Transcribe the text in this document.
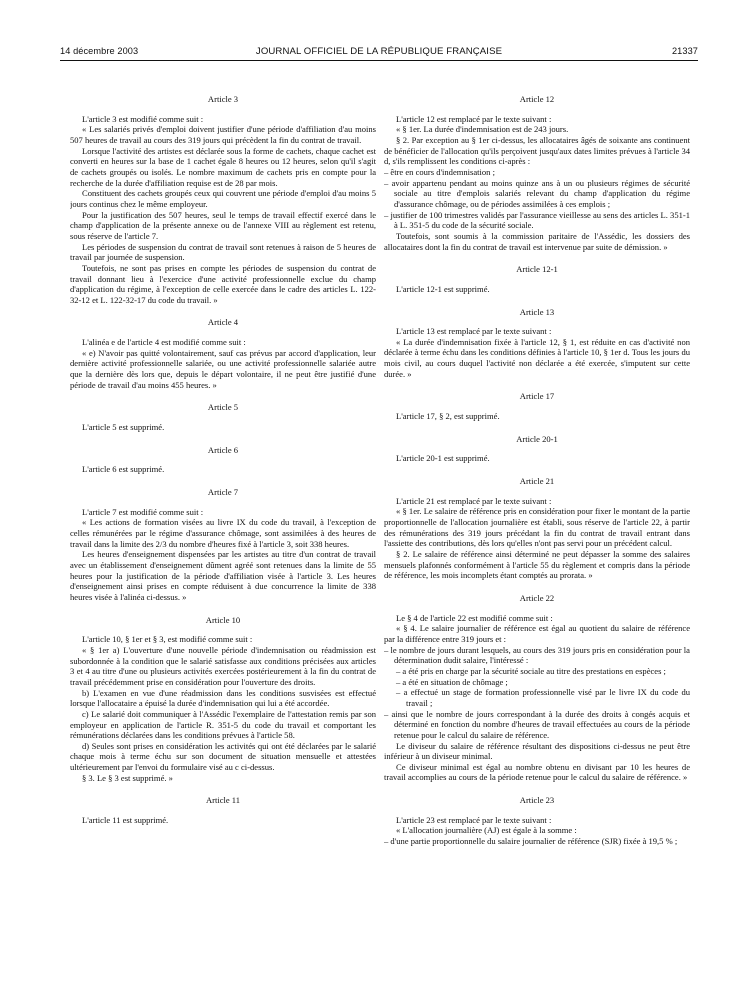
14 décembre 2003	JOURNAL OFFICIEL DE LA RÉPUBLIQUE FRANÇAISE	21337
Article 3

L'article 3 est modifié comme suit :

« Les salariés privés d'emploi doivent justifier d'une période d'affiliation d'au moins 507 heures de travail au cours des 319 jours qui précèdent la fin du contrat de travail.

Lorsque l'activité des artistes est déclarée sous la forme de cachets, chaque cachet est converti en heures sur la base de 1 cachet égale 8 heures ou 12 heures, selon qu'il s'agit de cachets groupés ou isolés. Le nombre maximum de cachets pris en compte pour la recherche de la durée d'affiliation requise est de 28 par mois.

Constituent des cachets groupés ceux qui couvrent une période d'emploi d'au moins 5 jours continus chez le même employeur.

Pour la justification des 507 heures, seul le temps de travail effectif exercé dans le champ d'application de la présente annexe ou de l'annexe VIII au règlement est retenu, sous réserve de l'article 7.

Les périodes de suspension du contrat de travail sont retenues à raison de 5 heures de travail par journée de suspension.

Toutefois, ne sont pas prises en compte les périodes de suspension du contrat de travail donnant lieu à l'exercice d'une activité professionnelle exclue du champ d'application du régime, à l'exception de celle exercée dans le cadre des articles L. 122-32-12 et L. 122-32-17 du code du travail. »

Article 4

L'alinéa e de l'article 4 est modifié comme suit :

« e) N'avoir pas quitté volontairement, sauf cas prévus par accord d'application, leur dernière activité professionnelle salariée, ou une activité professionnelle salariée autre que la dernière dès lors que, depuis le départ volontaire, il ne peut être justifié d'une période de travail d'au moins 455 heures. »

Article 5

L'article 5 est supprimé.

Article 6

L'article 6 est supprimé.

Article 7

L'article 7 est modifié comme suit :

« Les actions de formation visées au livre IX du code du travail, à l'exception de celles rémunérées par le régime d'assurance chômage, sont assimilées à des heures de travail dans la limite des 2/3 du nombre d'heures fixé à l'article 3, soit 338 heures.

Les heures d'enseignement dispensées par les artistes au titre d'un contrat de travail avec un établissement d'enseignement dûment agréé sont retenues dans la limite de 55 heures pour la justification de la période d'affiliation visée à l'article 3. Les heures d'enseignement ainsi prises en compte réduisent à due concurrence la limite de 338 heures visée à l'alinéa ci-dessus. »

Article 10

L'article 10, § 1er et § 3, est modifié comme suit :

« § 1er a) L'ouverture d'une nouvelle période d'indemnisation ou réadmission est subordonnée à la condition que le salarié satisfasse aux conditions précisées aux articles 3 et 4 au titre d'une ou plusieurs activités exercées postérieurement à la fin du contrat de travail précédemment prise en considération pour l'ouverture des droits.

b) L'examen en vue d'une réadmission dans les conditions susvisées est effectué lorsque l'allocataire a épuisé la durée d'indemnisation qui lui a été accordée.

c) Le salarié doit communiquer à l'Assédic l'exemplaire de l'attestation remis par son employeur en application de l'article R. 351-5 du code du travail et comportant les rémunérations déclarées dans les conditions prévues à l'article 58.

d) Seules sont prises en considération les activités qui ont été déclarées par le salarié chaque mois à terme échu sur son document de situation mensuelle et attestées ultérieurement par l'envoi du formulaire visé au c ci-dessus.

§ 3. Le § 3 est supprimé. »

Article 11

L'article 11 est supprimé.

Article 12

L'article 12 est remplacé par le texte suivant :

« § 1er. La durée d'indemnisation est de 243 jours.

§ 2. Par exception au § 1er ci-dessus, les allocataires âgés de soixante ans continuent de bénéficier de l'allocation qu'ils perçoivent jusqu'aux dates limites prévues à l'article 34 d, s'ils remplissent les conditions ci-après :

– être en cours d'indemnisation ;
– avoir appartenu pendant au moins quinze ans à un ou plusieurs régimes de sécurité sociale au titre d'emplois salariés relevant du champ d'application du régime d'assurance chômage, ou de périodes assimilées à ces emplois ;
– justifier de 100 trimestres validés par l'assurance vieillesse au sens des articles L. 351-1 à L. 351-5 du code de la sécurité sociale.

Toutefois, sont soumis à la commission paritaire de l'Assédic, les dossiers des allocataires dont la fin du contrat de travail est intervenue par suite de démission. »

Article 12-1

L'article 12-1 est supprimé.

Article 13

L'article 13 est remplacé par le texte suivant :

« La durée d'indemnisation fixée à l'article 12, § 1, est réduite en cas d'activité non déclarée à terme échu dans les conditions définies à l'article 10, § 1er d. Tous les jours du mois civil, au cours duquel l'activité non déclarée a été exercée, s'imputent sur cette durée. »

Article 17

L'article 17, § 2, est supprimé.

Article 20-1

L'article 20-1 est supprimé.

Article 21

L'article 21 est remplacé par le texte suivant :

« § 1er. Le salaire de référence pris en considération pour fixer le montant de la partie proportionnelle de l'allocation journalière est établi, sous réserve de l'article 22, à partir des rémunérations des 319 jours précédant la fin du contrat de travail entrant dans l'assiette des contributions, dès lors qu'elles n'ont pas servi pour un précédent calcul.

§ 2. Le salaire de référence ainsi déterminé ne peut dépasser la somme des salaires mensuels plafonnés conformément à l'article 55 du règlement et compris dans la période de référence, les mois incomplets étant comptés au prorata. »

Article 22

Le § 4 de l'article 22 est modifié comme suit :

« § 4. Le salaire journalier de référence est égal au quotient du salaire de référence par la différence entre 319 jours et :

– le nombre de jours durant lesquels, au cours des 319 jours pris en considération pour la détermination dudit salaire, l'intéressé :
– a été pris en charge par la sécurité sociale au titre des prestations en espèces ;
– a été en situation de chômage ;
– a effectué un stage de formation professionnelle visé par le livre IX du code du travail ;
– ainsi que le nombre de jours correspondant à la durée des droits à congés acquis et déterminé en fonction du nombre d'heures de travail effectuées au cours de la période retenue pour le calcul du salaire de référence.

Le diviseur du salaire de référence résultant des dispositions ci-dessus ne peut être inférieur à un diviseur minimal.

Ce diviseur minimal est égal au nombre obtenu en divisant par 10 les heures de travail accomplies au cours de la période retenue pour le calcul du salaire de référence. »

Article 23

L'article 23 est remplacé par le texte suivant :

« L'allocation journalière (AJ) est égale à la somme :

– d'une partie proportionnelle du salaire journalier de référence (SJR) fixée à 19,5 % ;
